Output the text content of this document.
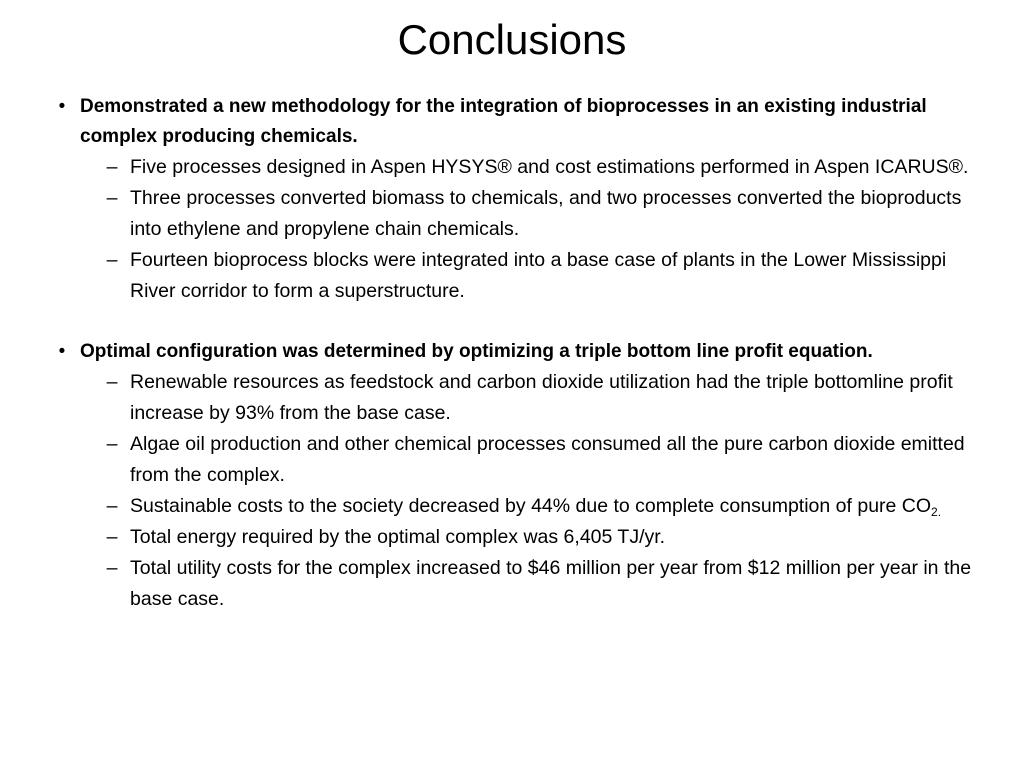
Conclusions
• Demonstrated a new methodology for the integration of bioprocesses in an existing industrial complex producing chemicals.
– Five processes designed in Aspen HYSYS® and cost estimations performed in Aspen ICARUS®.
– Three processes converted biomass to chemicals, and two processes converted the bioproducts into ethylene and propylene chain chemicals.
– Fourteen bioprocess blocks were integrated into a base case of plants in the Lower Mississippi River corridor to form a superstructure.
• Optimal configuration was determined by optimizing a triple bottom line profit equation.
– Renewable resources as feedstock and carbon dioxide utilization had the triple bottomline profit increase by 93% from the base case.
– Algae oil production and other chemical processes consumed all the pure carbon dioxide emitted from the complex.
– Sustainable costs to the society decreased by 44% due to complete consumption of pure $CO_{2.}$
– Total energy required by the optimal complex was 6,405 TJ/yr.
– Total utility costs for the complex increased to $46 million per year from $12 million per year in the base case.
